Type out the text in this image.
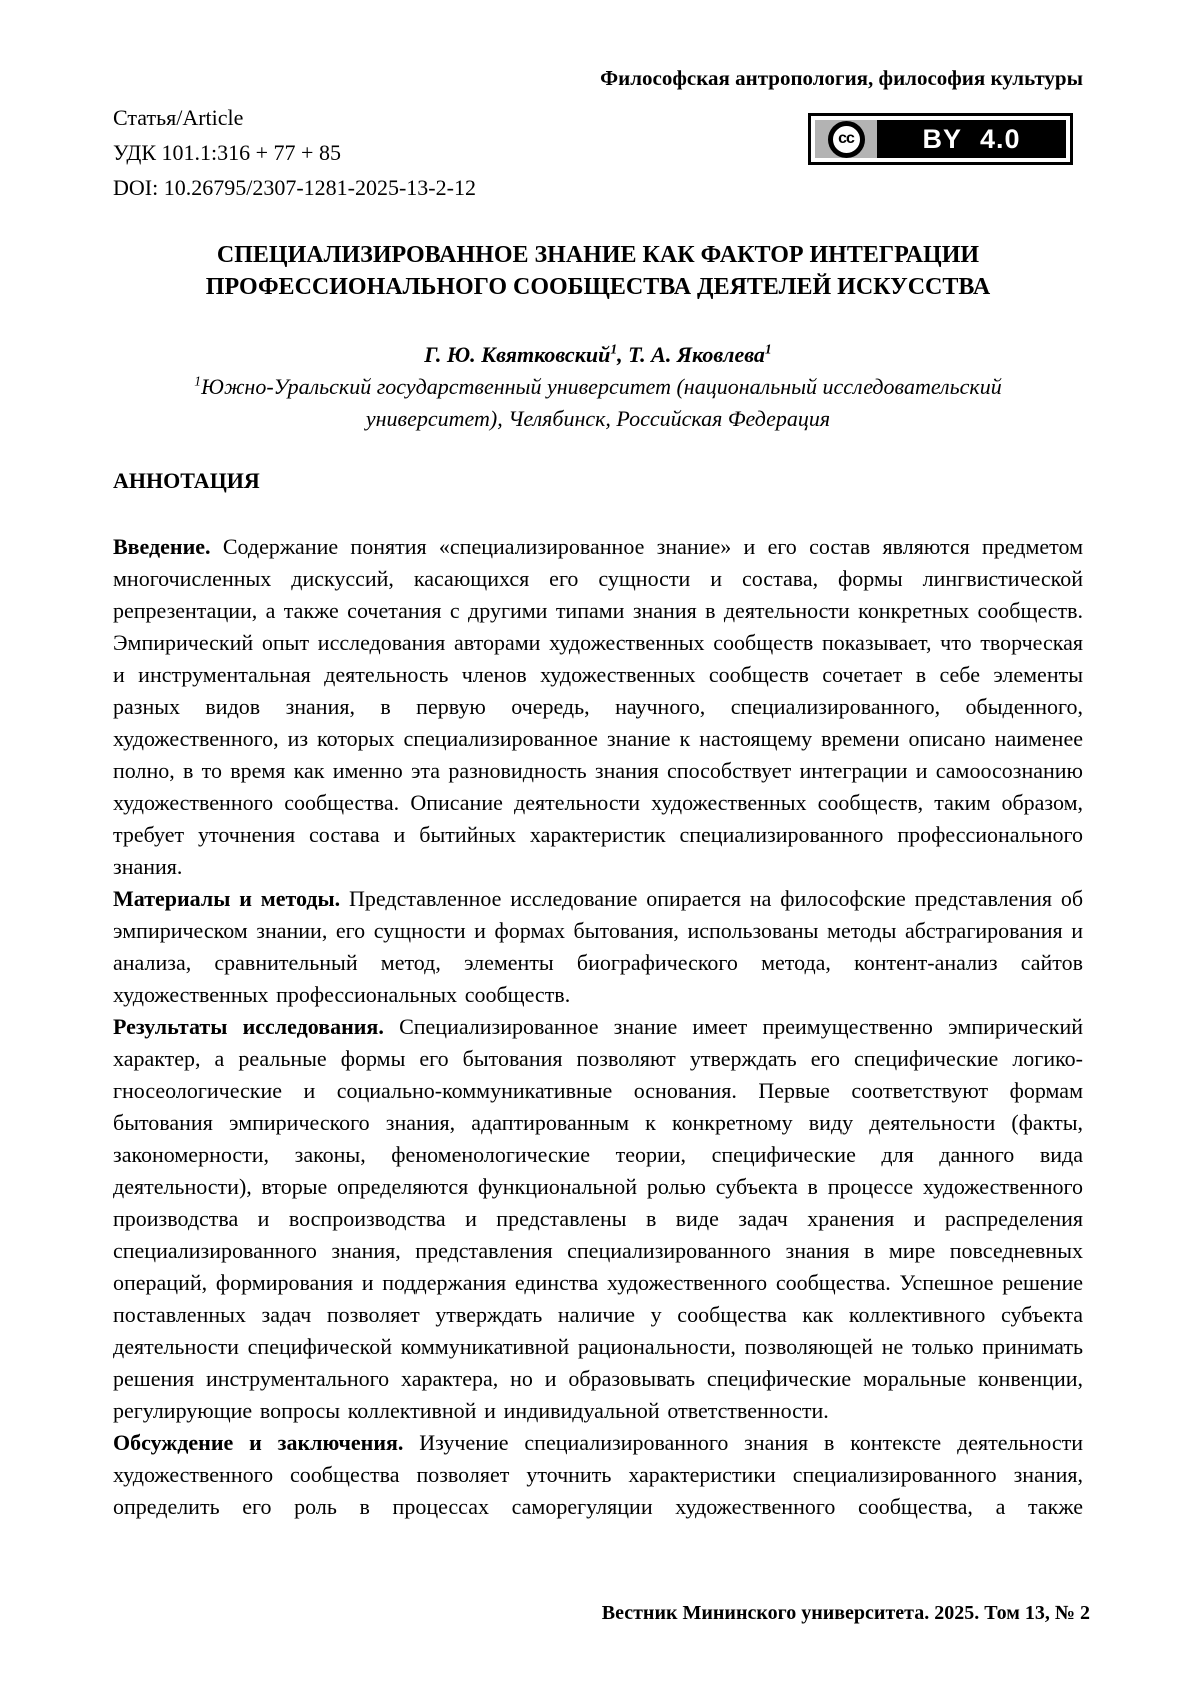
Философская антропология, философия культуры
Статья/Article
УДК 101.1:316 + 77 + 85
DOI: 10.26795/2307-1281-2025-13-2-12
cc	BY 4.0
СПЕЦИАЛИЗИРОВАННОЕ ЗНАНИЕ КАК ФАКТОР ИНТЕГРАЦИИ
ПРОФЕССИОНАЛЬНОГО СООБЩЕСТВА ДЕЯТЕЛЕЙ ИСКУССТВА
Г. Ю. Квятковский$^1$, Т. А. Яковлева$^1$
$^1$Южно-Уральский государственный университет (национальный исследовательский
университет), Челябинск, Российская Федерация
АННОТАЦИЯ

Введение. Содержание понятия «специализированное знание» и его состав являются предметом многочисленных дискуссий, касающихся его сущности и состава, формы лингвистической репрезентации, а также сочетания с другими типами знания в деятельности конкретных сообществ. Эмпирический опыт исследования авторами художественных сообществ показывает, что творческая и инструментальная деятельность членов художественных сообществ сочетает в себе элементы разных видов знания, в первую очередь, научного, специализированного, обыденного, художественного, из которых специализированное знание к настоящему времени описано наименее полно, в то время как именно эта разновидность знания способствует интеграции и самоосознанию художественного сообщества. Описание деятельности художественных сообществ, таким образом, требует уточнения состава и бытийных характеристик специализированного профессионального знания.

Материалы и методы. Представленное исследование опирается на философские представления об эмпирическом знании, его сущности и формах бытования, использованы методы абстрагирования и анализа, сравнительный метод, элементы биографического метода, контент-анализ сайтов художественных профессиональных сообществ.

Результаты исследования. Специализированное знание имеет преимущественно эмпирический характер, а реальные формы его бытования позволяют утверждать его специфические логико-гносеологические и социально-коммуникативные основания. Первые соответствуют формам бытования эмпирического знания, адаптированным к конкретному виду деятельности (факты, закономерности, законы, феноменологические теории, специфические для данного вида деятельности), вторые определяются функциональной ролью субъекта в процессе художественного производства и воспроизводства и представлены в виде задач хранения и распределения специализированного знания, представления специализированного знания в мире повседневных операций, формирования и поддержания единства художественного сообщества. Успешное решение поставленных задач позволяет утверждать наличие у сообщества как коллективного субъекта деятельности специфической коммуникативной рациональности, позволяющей не только принимать решения инструментального характера, но и образовывать специфические моральные конвенции, регулирующие вопросы коллективной и индивидуальной ответственности.

Обсуждение и заключения. Изучение специализированного знания в контексте деятельности художественного сообщества позволяет уточнить характеристики специализированного знания, определить его роль в процессах саморегуляции художественного сообщества, а также

Вестник Мининского университета. 2025. Том 13, № 2
